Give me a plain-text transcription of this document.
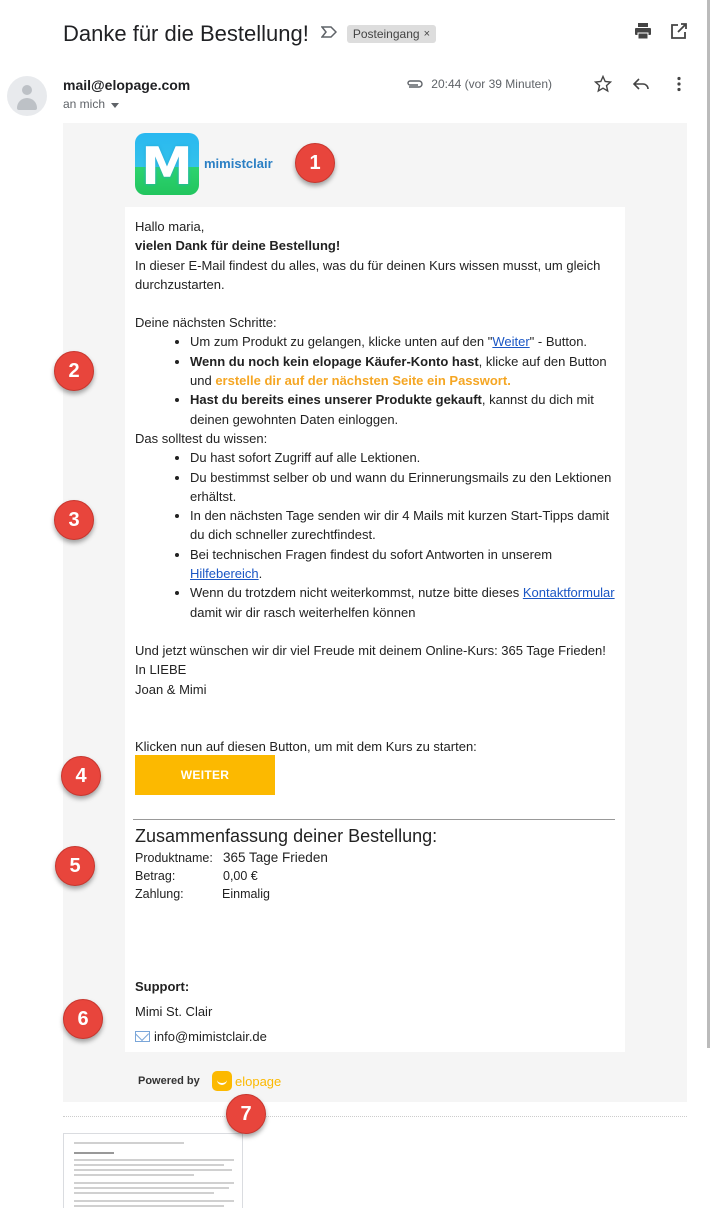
Danke für die Bestellung!	Posteingang ×
mail@elopage.com
an mich
20:44 (vor 39 Minuten)
M mimistclair

Hallo maria,

vielen Dank für deine Bestellung!

In dieser E-Mail findest du alles, was du für deinen Kurs wissen musst, um gleich durchzustarten.

Deine nächsten Schritte:

• Um zum Produkt zu gelangen, klicke unten auf den "Weiter" - Button.
• Wenn du noch kein elopage Käufer-Konto hast, klicke auf den Button und erstelle dir auf der nächsten Seite ein Passwort.
• Hast du bereits eines unserer Produkte gekauft, kannst du dich mit deinen gewohnten Daten einloggen.

Das solltest du wissen:

• Du hast sofort Zugriff auf alle Lektionen.
• Du bestimmst selber ob und wann du Erinnerungsmails zu den Lektionen erhältst.
• In den nächsten Tage senden wir dir 4 Mails mit kurzen Start-Tipps damit du dich schneller zurechtfindest.
• Bei technischen Fragen findest du sofort Antworten in unserem Hilfebereich.
• Wenn du trotzdem nicht weiterkommst, nutze bitte dieses Kontaktformular damit wir dir rasch weiterhelfen können

Und jetzt wünschen wir dir viel Freude mit deinem Online-Kurs: 365 Tage Frieden!

In LIEBE

Joan & Mimi

Klicken nun auf diesen Button, um mit dem Kurs zu starten:

WEITER
Zusammenfassung deiner Bestellung:
Produktname: 365 Tage Frieden
Betrag:	0,00 €
Zahlung:	Einmalig
Support:
Mimi St. Clair
info@mimistclair.de
Powered by	elopage
1
2
3
4
5
6
7
